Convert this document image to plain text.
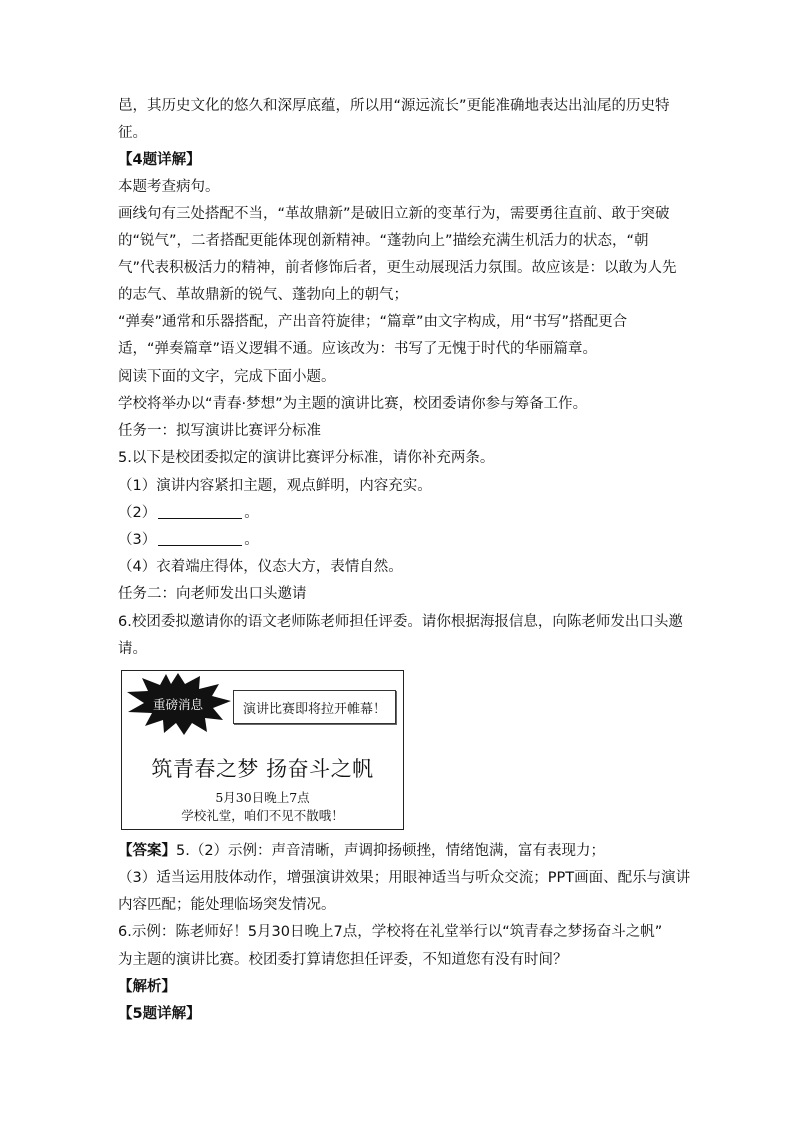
邑，其历史文化的悠久和深厚底蕴，所以用“源远流长”更能准确地表达出汕尾的历史特
征。
【4题详解】
本题考查病句。
画线句有三处搭配不当，“革故鼎新”是破旧立新的变革行为，需要勇往直前、敢于突破
的“锐气”，二者搭配更能体现创新精神。“蓬勃向上”描绘充满生机活力的状态，“朝
气”代表积极活力的精神，前者修饰后者，更生动展现活力氛围。故应该是：以敢为人先
的志气、革故鼎新的锐气、蓬勃向上的朝气；
“弹奏”通常和乐器搭配，产出音符旋律；“篇章”由文字构成，用“书写”搭配更合
适，“弹奏篇章”语义逻辑不通。应该改为：书写了无愧于时代的华丽篇章。
阅读下面的文字，完成下面小题。
学校将举办以“青春·梦想”为主题的演讲比赛，校团委请你参与筹备工作。
任务一：拟写演讲比赛评分标准
5.以下是校团委拟定的演讲比赛评分标准，请你补充两条。
（1）演讲内容紧扣主题，观点鲜明，内容充实。
（2）	。
（3）	。
（4）衣着端庄得体，仪态大方，表情自然。
任务二：向老师发出口头邀请
6.校团委拟邀请你的语文老师陈老师担任评委。请你根据海报信息，向陈老师发出口头邀
请。
重磅消息	演讲比赛即将拉开帷幕！
筑青春之梦 扬奋斗之帆
5月30日晚上7点
学校礼堂，咱们不见不散哦！
【答案】5.（2）示例：声音清晰，声调抑扬顿挫，情绪饱满，富有表现力；
（3）适当运用肢体动作，增强演讲效果；用眼神适当与听众交流；PPT画面、配乐与演讲
内容匹配；能处理临场突发情况。
6.示例：陈老师好！5月30日晚上7点，学校将在礼堂举行以“筑青春之梦扬奋斗之帆”
为主题的演讲比赛。校团委打算请您担任评委，不知道您有没有时间？
【解析】
【5题详解】
